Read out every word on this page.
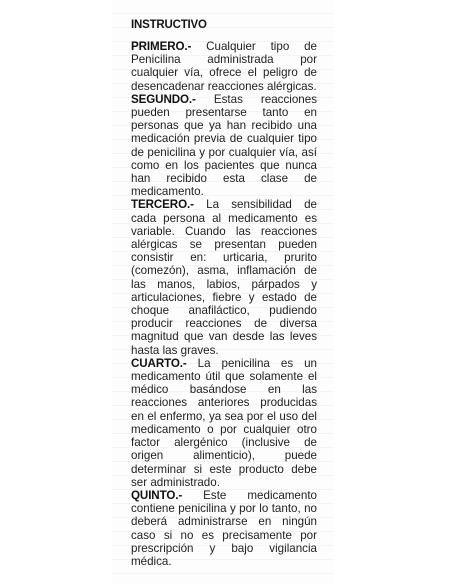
INSTRUCTIVO

PRIMERO.- Cualquier tipo de Penicilina administrada por cualquier vía, ofrece el peligro de desencadenar reacciones alérgicas.

SEGUNDO.- Estas reacciones pueden presentarse tanto en personas que ya han recibido una medicación previa de cualquier tipo de penicilina y por cualquier vía, así como en los pacientes que nunca han recibido esta clase de medicamento.

TERCERO.- La sensibilidad de cada persona al medicamento es variable. Cuando las reacciones alérgicas se presentan pueden consistir en: urticaria, prurito (comezón), asma, inflamación de las manos, labios, párpados y articulaciones, fiebre y estado de choque anafiláctico, pudiendo producir reacciones de diversa magnitud que van desde las leves hasta las graves.

CUARTO.- La penicilina es un medicamento útil que solamente el médico basándose en las reacciones anteriores producidas en el enfermo, ya sea por el uso del medicamento o por cualquier otro factor alergénico (inclusive de origen alimenticio), puede determinar si este producto debe ser administrado.

QUINTO.- Este medicamento contiene penicilina y por lo tanto, no deberá administrarse en ningún caso si no es precisamente por prescripción y bajo vigilancia médica.
